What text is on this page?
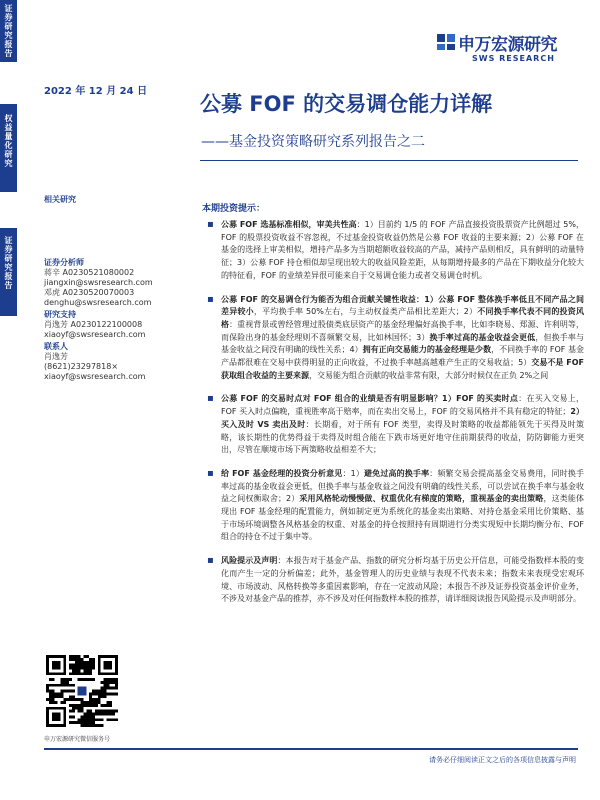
证
券
研
究
报
告
权
益
量
化
研
究
证
券
研
究
报
告
2022 年 12 月 24 日
申万宏源研究
SWS RESEARCH
公募 FOF 的交易调仓能力详解
——基金投资策略研究系列报告之二
相关研究
证券分析师
蒋辛 A0230521080002
jiangxin@swsresearch.com
邓虎 A0230520070003
denghu@swsresearch.com
研究支持
肖逸芳 A0230122100008
xiaoyf@swsresearch.com
联系人
肖逸芳
(8621)23297818×
xiaoyf@swsresearch.com
本期投资提示：
▪ 公募 FOF 选基标准相似，审美共性高：1）目前约 1/5 的 FOF 产品直接投资股票资产比例超过 5%，FOF 的股票投资收益不容忽视，不过基金投资收益仍然是公募 FOF 收益的主要来源；2）公募 FOF 在基金的选择上审美相似，增持产品多为当期超额收益较高的产品，减持产品则相反，具有鲜明的动量特征；3）公募 FOF 持仓相似却呈现出较大的收益风险差距，从每期增持最多的产品在下期收益分化较大的特征看，FOF 的业绩差异很可能来自于交易调仓能力或者交易调仓时机。
▪ 公募 FOF 的交易调仓行为能否为组合贡献关键性收益：1）公募 FOF 整体换手率低且不同产品之间差异较小，平均换手率 50%左右，与主动权益类产品相比差距大；2）不同换手率代表不同的投资风格：重视背景或曾经管理过股债类底层资产的基金经理偏好高换手率，比如李晓易、郑源、许利明等，而保险出身的基金经理则不喜频繁交易，比如林国怀；3）换手率过高的基金收益会更低，但换手率与基金收益之间没有明确的线性关系；4）拥有正向交易能力的基金经理是少数，不同换手率的 FOF 基金产品都很难在交易中获得明显的正向收益，不过换手率越高越难产生正的交易收益；5）交易不是 FOF 获取组合收益的主要来源，交易能为组合贡献的收益非常有限，大部分时候仅在正负 2%之间
▪ 公募 FOF 的交易时点对 FOF 组合的业绩是否有明显影响？1）FOF 的买卖时点：在买入交易上，FOF 买入时点偏晚，重视胜率高于赔率，而在卖出交易上，FOF 的交易风格并不具有稳定的特征；2）买入及时 VS 卖出及时：长期看，对于所有 FOF 类型，卖得及时策略的收益都能领先于买得及时策略，该长期性的优势得益于卖得及时组合能在下跌市场更好地守住前期获得的收益，防防御能力更突出，尽管在顺境市场下两策略收益相差不大；
▪ 给 FOF 基金经理的投资分析意见：1）避免过高的换手率：频繁交易会提高基金交易费用，同时换手率过高的基金收益会更低，但换手率与基金收益之间没有明确的线性关系，可以尝试在换手率与基金收益之间权衡取舍；2）采用风格轮动慢慢做、权重优化有梯度的策略，重视基金的卖出策略，这类能体现出 FOF 基金经理的配置能力，例如制定更为系统化的基金卖出策略、对持仓基金采用比价策略、基于市场环境调整各风格基金的权重、对基金的持仓按照持有周期进行分类实现短中长期均衡分布、FOF 组合的持仓不过于集中等。
▪ 风险提示及声明：本报告对于基金产品、指数的研究分析均基于历史公开信息，可能受指数样本股的变化而产生一定的分析偏差；此外，基金管理人的历史业绩与表现不代表未来；指数未来表现受宏观环境、市场波动、风格转换等多重因素影响，存在一定波动风险；本报告不涉及证券投资基金评价业务，不涉及对基金产品的推荐，亦不涉及对任何指数样本股的推荐，请详细阅读报告风险提示及声明部分。
申万宏源研究微信服务号
请务必仔细阅读正文之后的各项信息披露与声明
